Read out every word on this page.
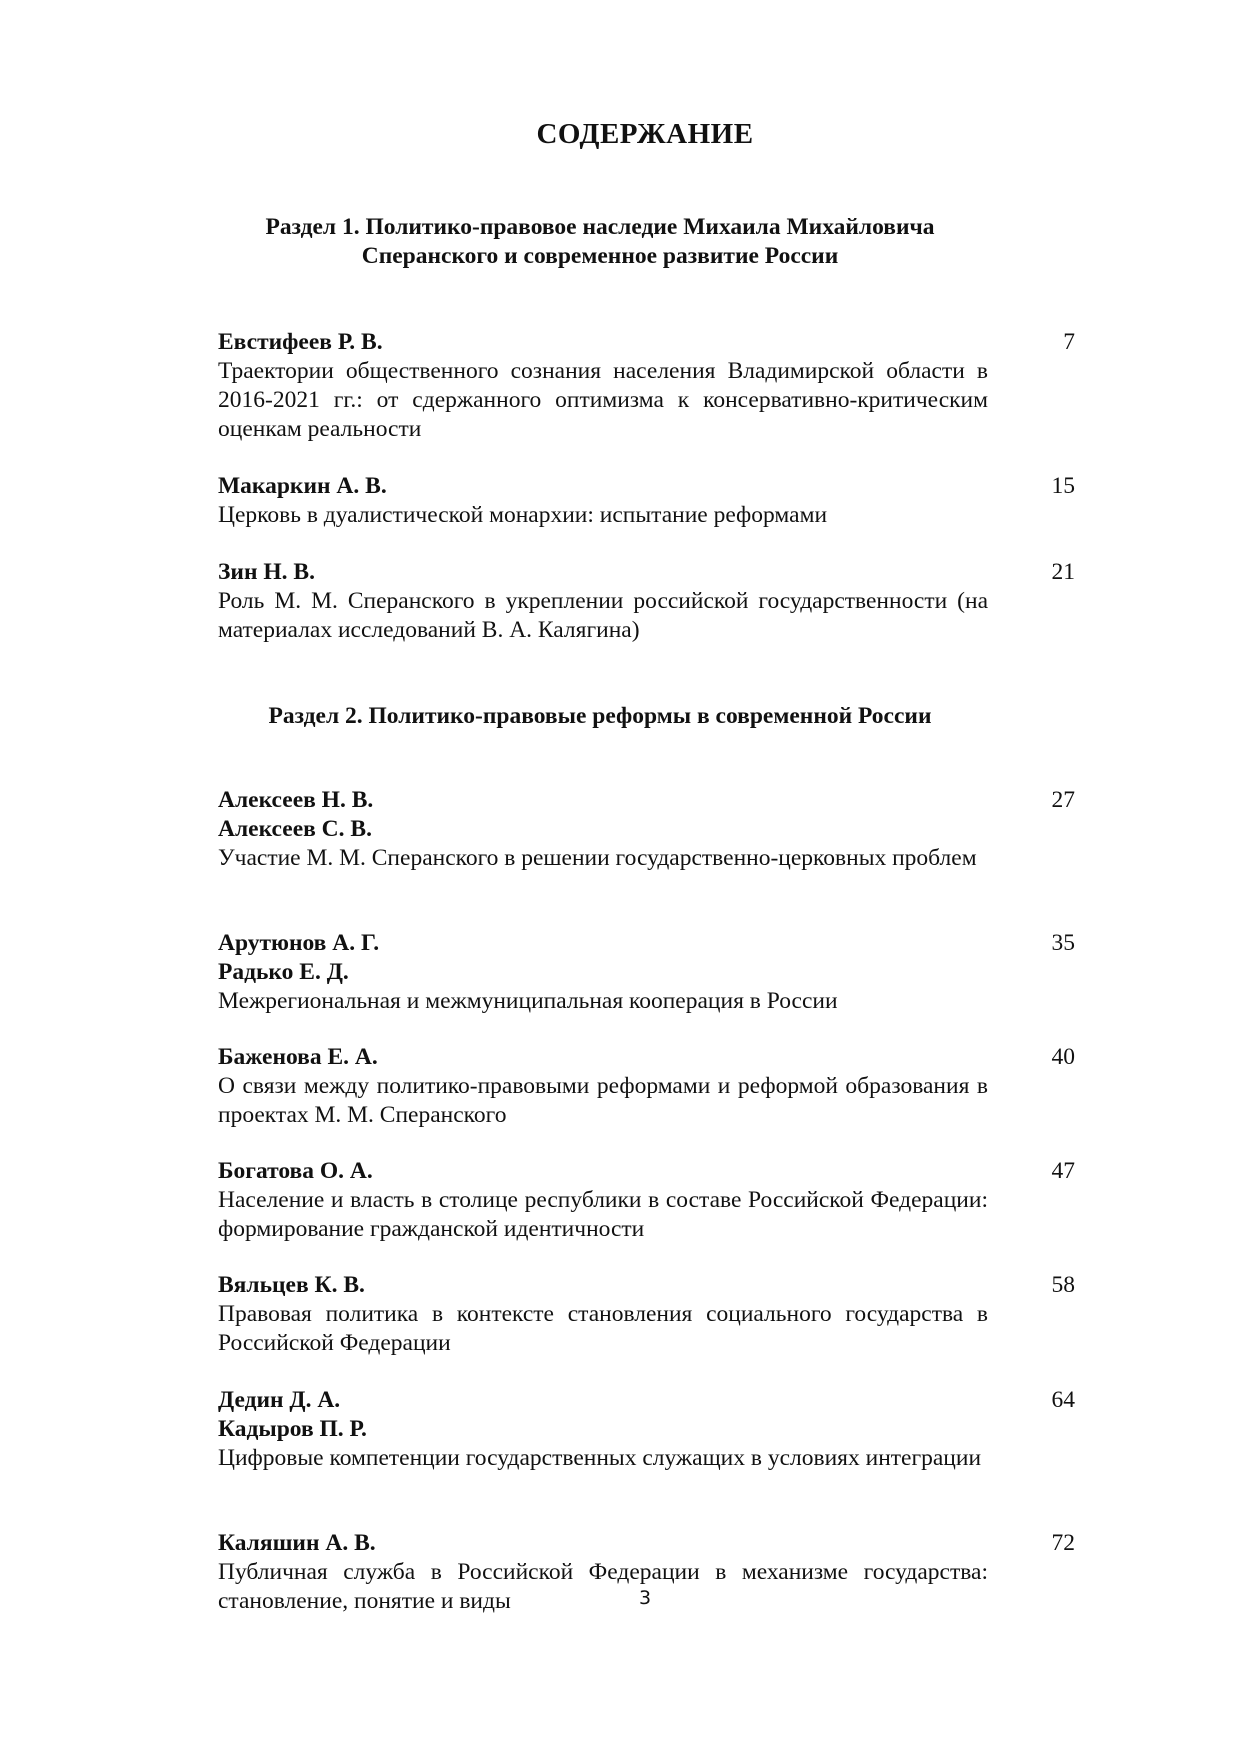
СОДЕРЖАНИЕ
Раздел 1. Политико-правовое наследие Михаила Михайловича
Сперанского и современное развитие России
Евстифеев Р. В.
Траектории общественного сознания населения Владимирской области в 2016-2021 гг.: от сдержанного оптимизма к консервативно-критическим оценкам реальности
7
Макаркин А. В.
Церковь в дуалистической монархии: испытание реформами
15
Зин Н. В.
Роль М. М. Сперанского в укреплении российской государственности (на материалах исследований В. А. Калягина)
21
Раздел 2. Политико-правовые реформы в современной России
Алексеев Н. В.
Алексеев С. В.
Участие М. М. Сперанского в решении государственно-церковных проблем
27
Арутюнов А. Г.
Радько Е. Д.
Межрегиональная и межмуниципальная кооперация в России
35
Баженова Е. А.
О связи между политико-правовыми реформами и реформой образования в проектах М. М. Сперанского
40
Богатова О. А.
Население и власть в столице республики в составе Российской Федерации: формирование гражданской идентичности
47
Вяльцев К. В.
Правовая политика в контексте становления социального государства в Российской Федерации
58
Дедин Д. А.
Кадыров П. Р.
Цифровые компетенции государственных служащих в условиях интеграции
64
Каляшин А. В.
Публичная служба в Российской Федерации в механизме государства: становление, понятие и виды
72
3
